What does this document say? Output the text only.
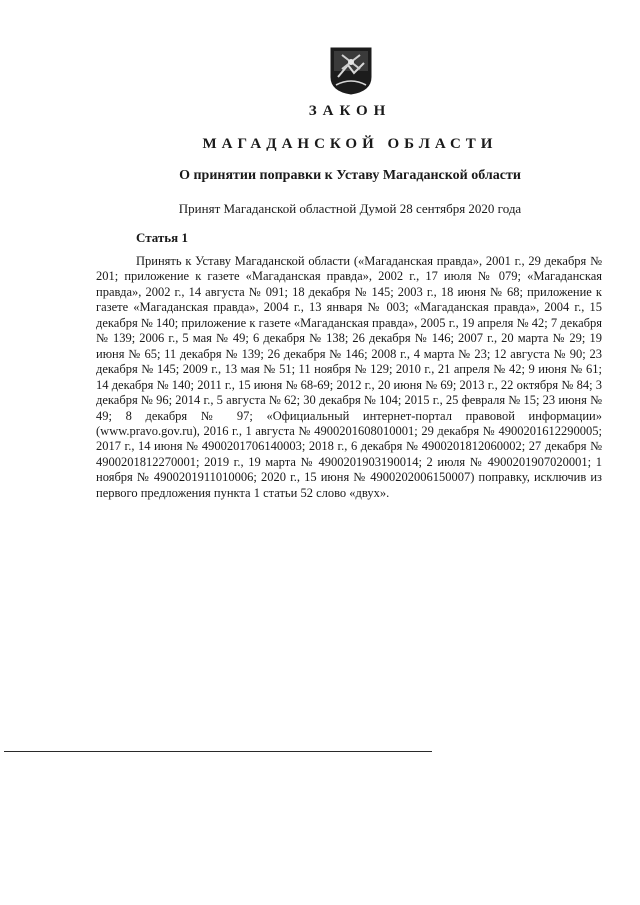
ЗАКОН
МАГАДАНСКОЙ ОБЛАСТИ
О принятии поправки к Уставу Магаданской области
Принят Магаданской областной Думой 28 сентября 2020 года
Статья 1

Принять к Уставу Магаданской области («Магаданская правда», 2001 г., 29 декабря № 201; приложение к газете «Магаданская правда», 2002 г., 17 июля № 079; «Магаданская правда», 2002 г., 14 августа № 091; 18 декабря № 145; 2003 г., 18 июня № 68; приложение к газете «Магаданская правда», 2004 г., 13 января № 003; «Магаданская правда», 2004 г., 15 декабря № 140; приложение к газете «Магаданская правда», 2005 г., 19 апреля № 42; 7 декабря № 139; 2006 г., 5 мая № 49; 6 декабря № 138; 26 декабря № 146; 2007 г., 20 марта № 29; 19 июня № 65; 11 декабря № 139; 26 декабря № 146; 2008 г., 4 марта № 23; 12 августа № 90; 23 декабря № 145; 2009 г., 13 мая № 51; 11 ноября № 129; 2010 г., 21 апреля № 42; 9 июня № 61; 14 декабря № 140; 2011 г., 15 июня № 68-69; 2012 г., 20 июня № 69; 2013 г., 22 октября № 84; 3 декабря № 96; 2014 г., 5 августа № 62; 30 декабря № 104; 2015 г., 25 февраля № 15; 23 июня № 49; 8 декабря № 97; «Официальный интернет-портал правовой информации» (www.pravo.gov.ru), 2016 г., 1 августа № 4900201608010001; 29 декабря № 4900201612290005; 2017 г., 14 июня № 4900201706140003; 2018 г., 6 декабря № 4900201812060002; 27 декабря № 4900201812270001; 2019 г., 19 марта № 4900201903190014; 2 июля № 4900201907020001; 1 ноября № 4900201911010006; 2020 г., 15 июня № 4900202006150007) поправку, исключив из первого предложения пункта 1 статьи 52 слово «двух».
